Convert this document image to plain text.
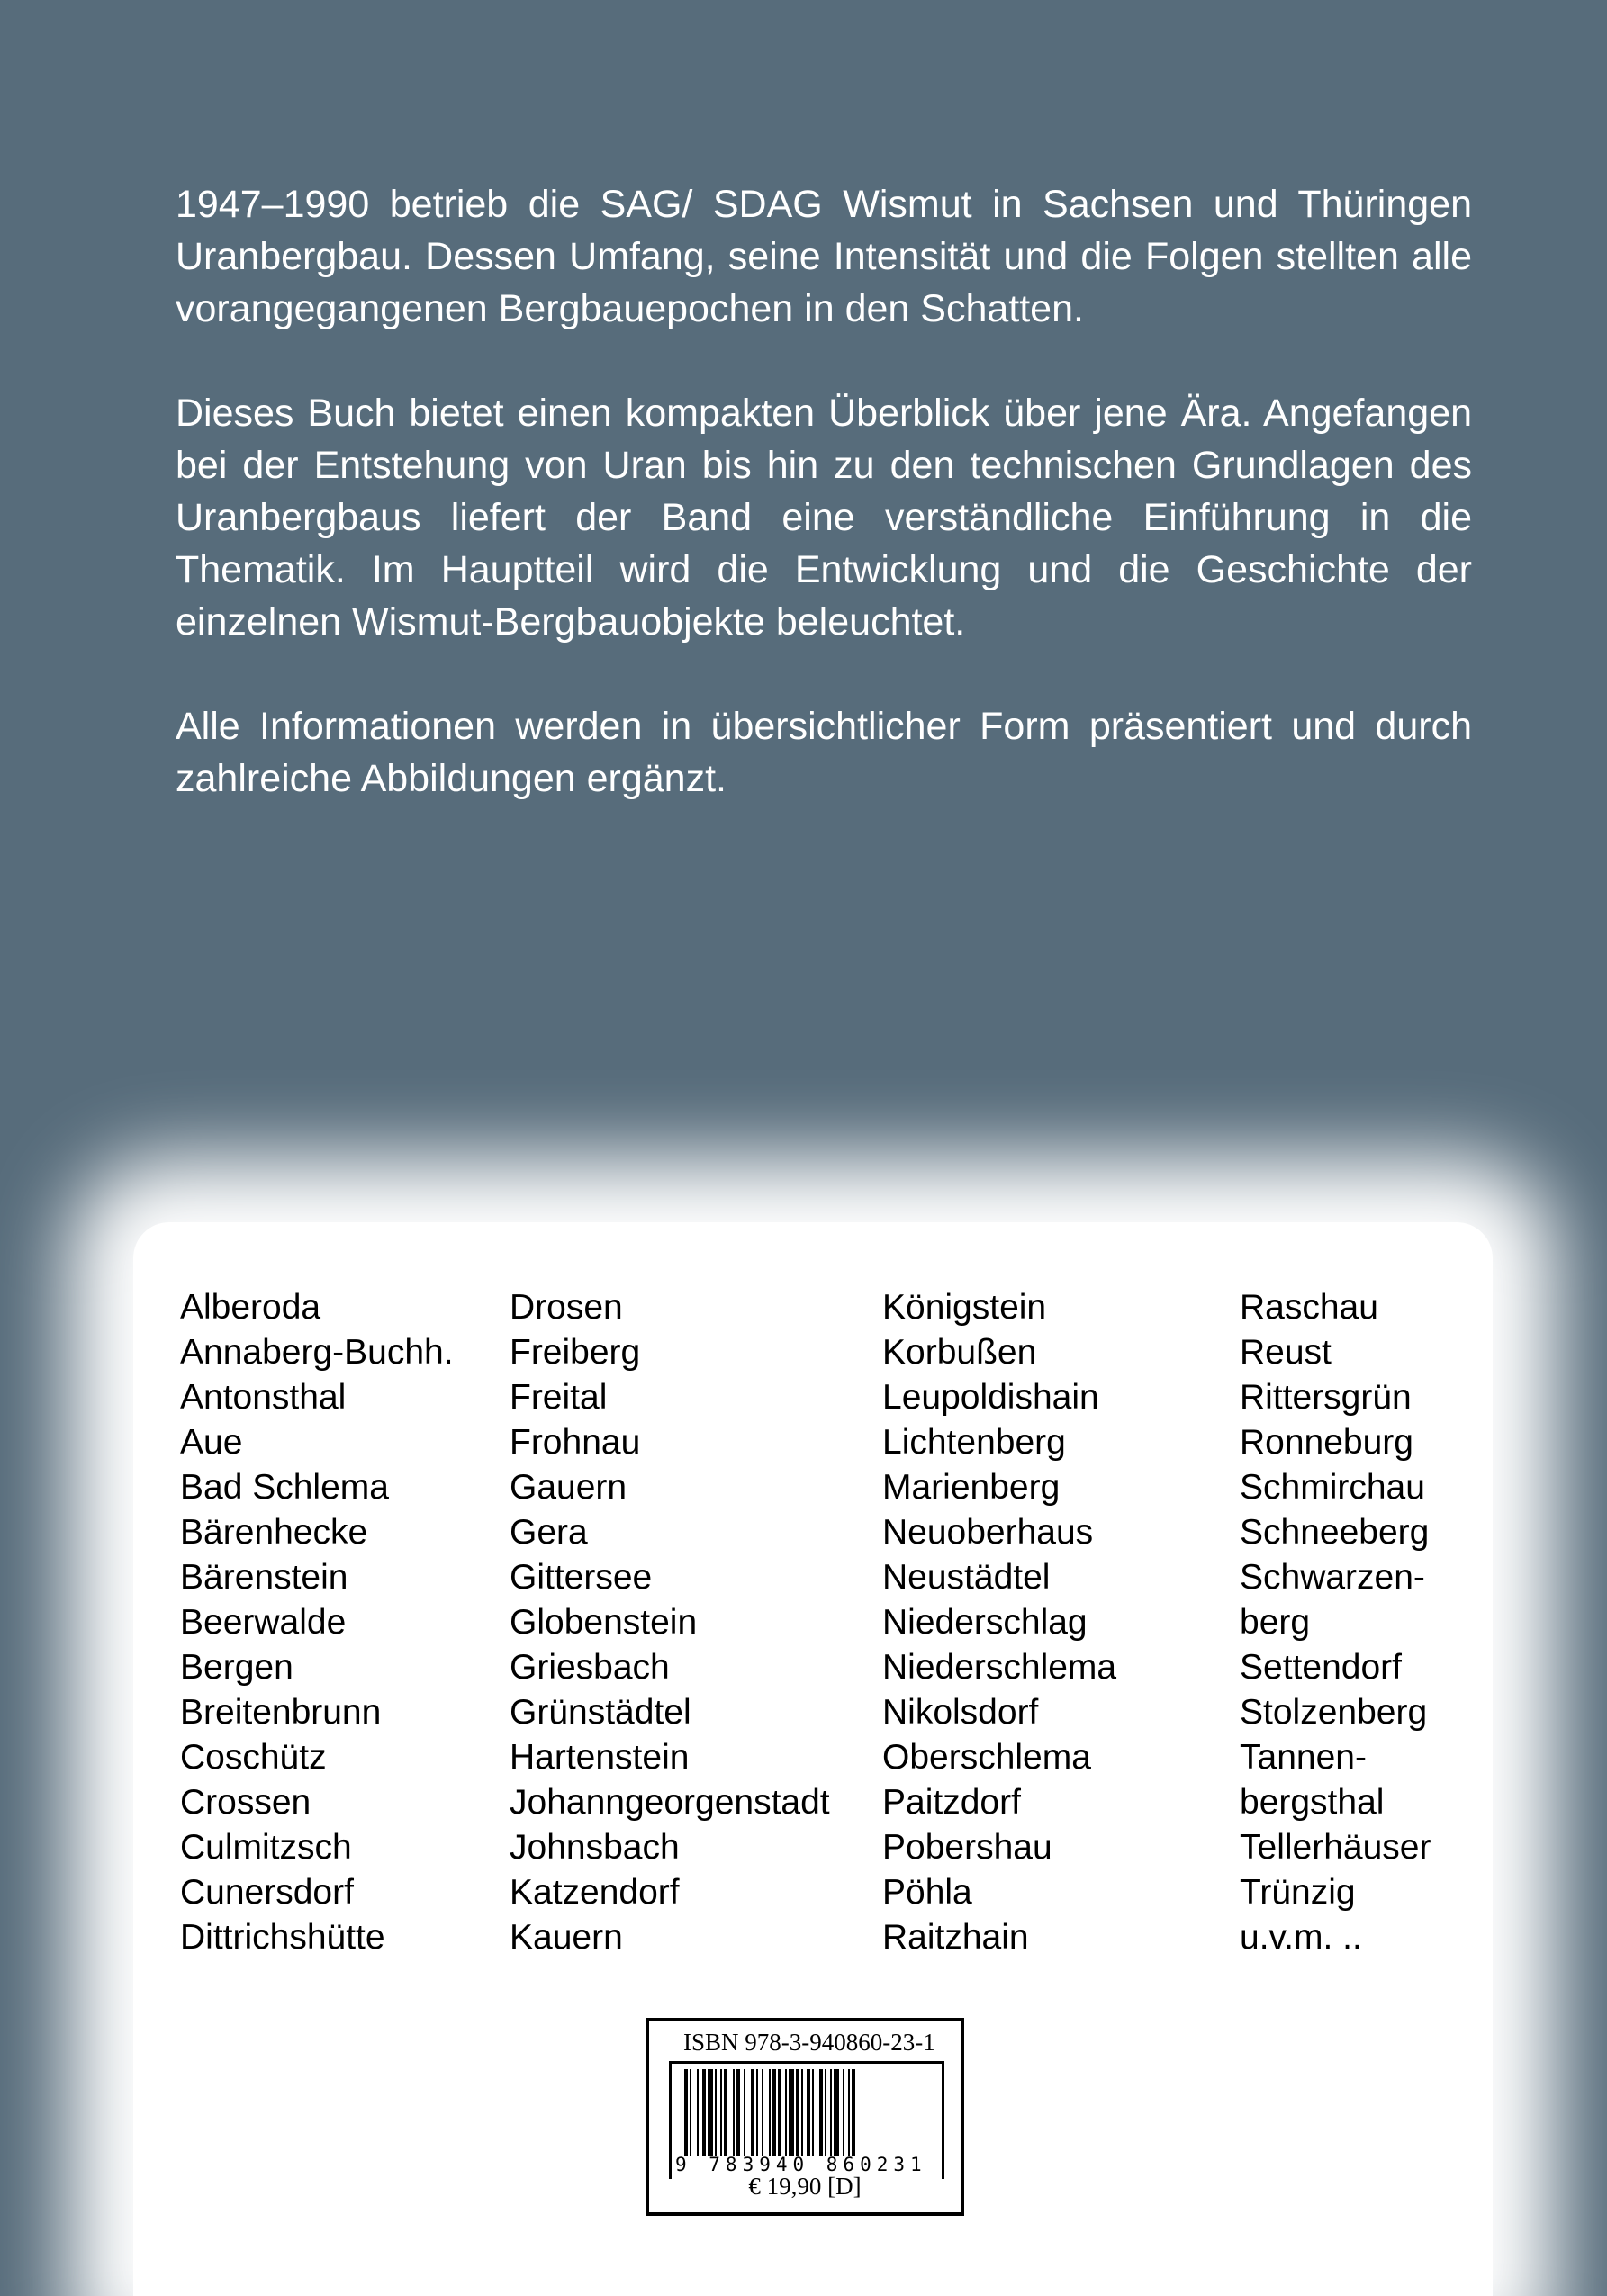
1947–1990 betrieb die SAG/ SDAG Wismut in Sachsen und Thüringen Uranbergbau. Dessen Umfang, seine Intensität und die Folgen stellten alle vorangegangenen Bergbauepochen in den Schatten.

Dieses Buch bietet einen kompakten Überblick über jene Ära. Angefangen bei der Entstehung von Uran bis hin zu den technischen Grundlagen des Uranbergbaus liefert der Band eine verständliche Einführung in die Thematik. Im Hauptteil wird die Entwicklung und die Geschichte der einzelnen Wismut-Bergbauobjekte beleuchtet.

Alle Informationen werden in übersichtlicher Form präsentiert und durch zahlreiche Abbildungen ergänzt.

Alberoda
Annaberg-Buchh.
Antonsthal
Aue
Bad Schlema
Bärenhecke
Bärenstein
Beerwalde
Bergen
Breitenbrunn
Coschütz
Crossen
Culmitzsch
Cunersdorf
Dittrichshütte
Drosen
Freiberg
Freital
Frohnau
Gauern
Gera
Gittersee
Globenstein
Griesbach
Grünstädtel
Hartenstein
Johanngeorgenstadt
Johnsbach
Katzendorf
Kauern
Königstein
Korbußen
Leupoldishain
Lichtenberg
Marienberg
Neuoberhaus
Neustädtel
Niederschlag
Niederschlema
Nikolsdorf
Oberschlema
Paitzdorf
Pobershau
Pöhla
Raitzhain
Raschau
Reust
Rittersgrün
Ronneburg
Schmirchau
Schneeberg
Schwarzen-
berg
Settendorf
Stolzenberg
Tannen-
bergsthal
Tellerhäuser
Trünzig
u.v.m. ..
ISBN 978-3-940860-23-1
9 783940 860231
€ 19,90 [D]
